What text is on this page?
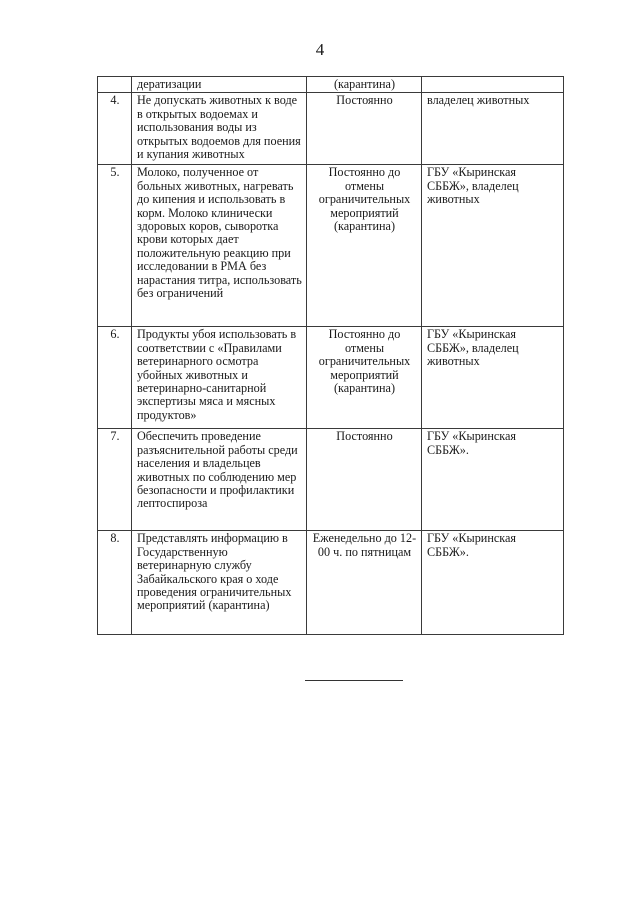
4
	дератизации	(карантина)	
4.	Не допускать животных к воде в открытых водоемах и использования воды из открытых водоемов для поения и купания животных	Постоянно	владелец животных
5.	Молоко, полученное от больных животных, нагревать до кипения и использовать в корм. Молоко клинически здоровых коров, сыворотка крови которых дает положительную реакцию при исследовании в РМА без нарастания титра, использовать без ограничений	Постоянно до отмены ограничительных мероприятий (карантина)	ГБУ «Кыринская СББЖ», владелец животных
6.	Продукты убоя использовать в соответствии с «Правилами ветеринарного осмотра убойных животных и ветеринарно-санитарной экспертизы мяса и мясных продуктов»	Постоянно до отмены ограничительных мероприятий (карантина)	ГБУ «Кыринская СББЖ», владелец животных
7.	Обеспечить проведение разъяснительной работы среди населения и владельцев животных по соблюдению мер безопасности и профилактики лептоспироза	Постоянно	ГБУ «Кыринская СББЖ».
8.	Представлять информацию в Государственную ветеринарную службу Забайкальского края о ходе проведения ограничительных мероприятий (карантина)	Еженедельно до 12-00 ч. по пятницам	ГБУ «Кыринская СББЖ».
